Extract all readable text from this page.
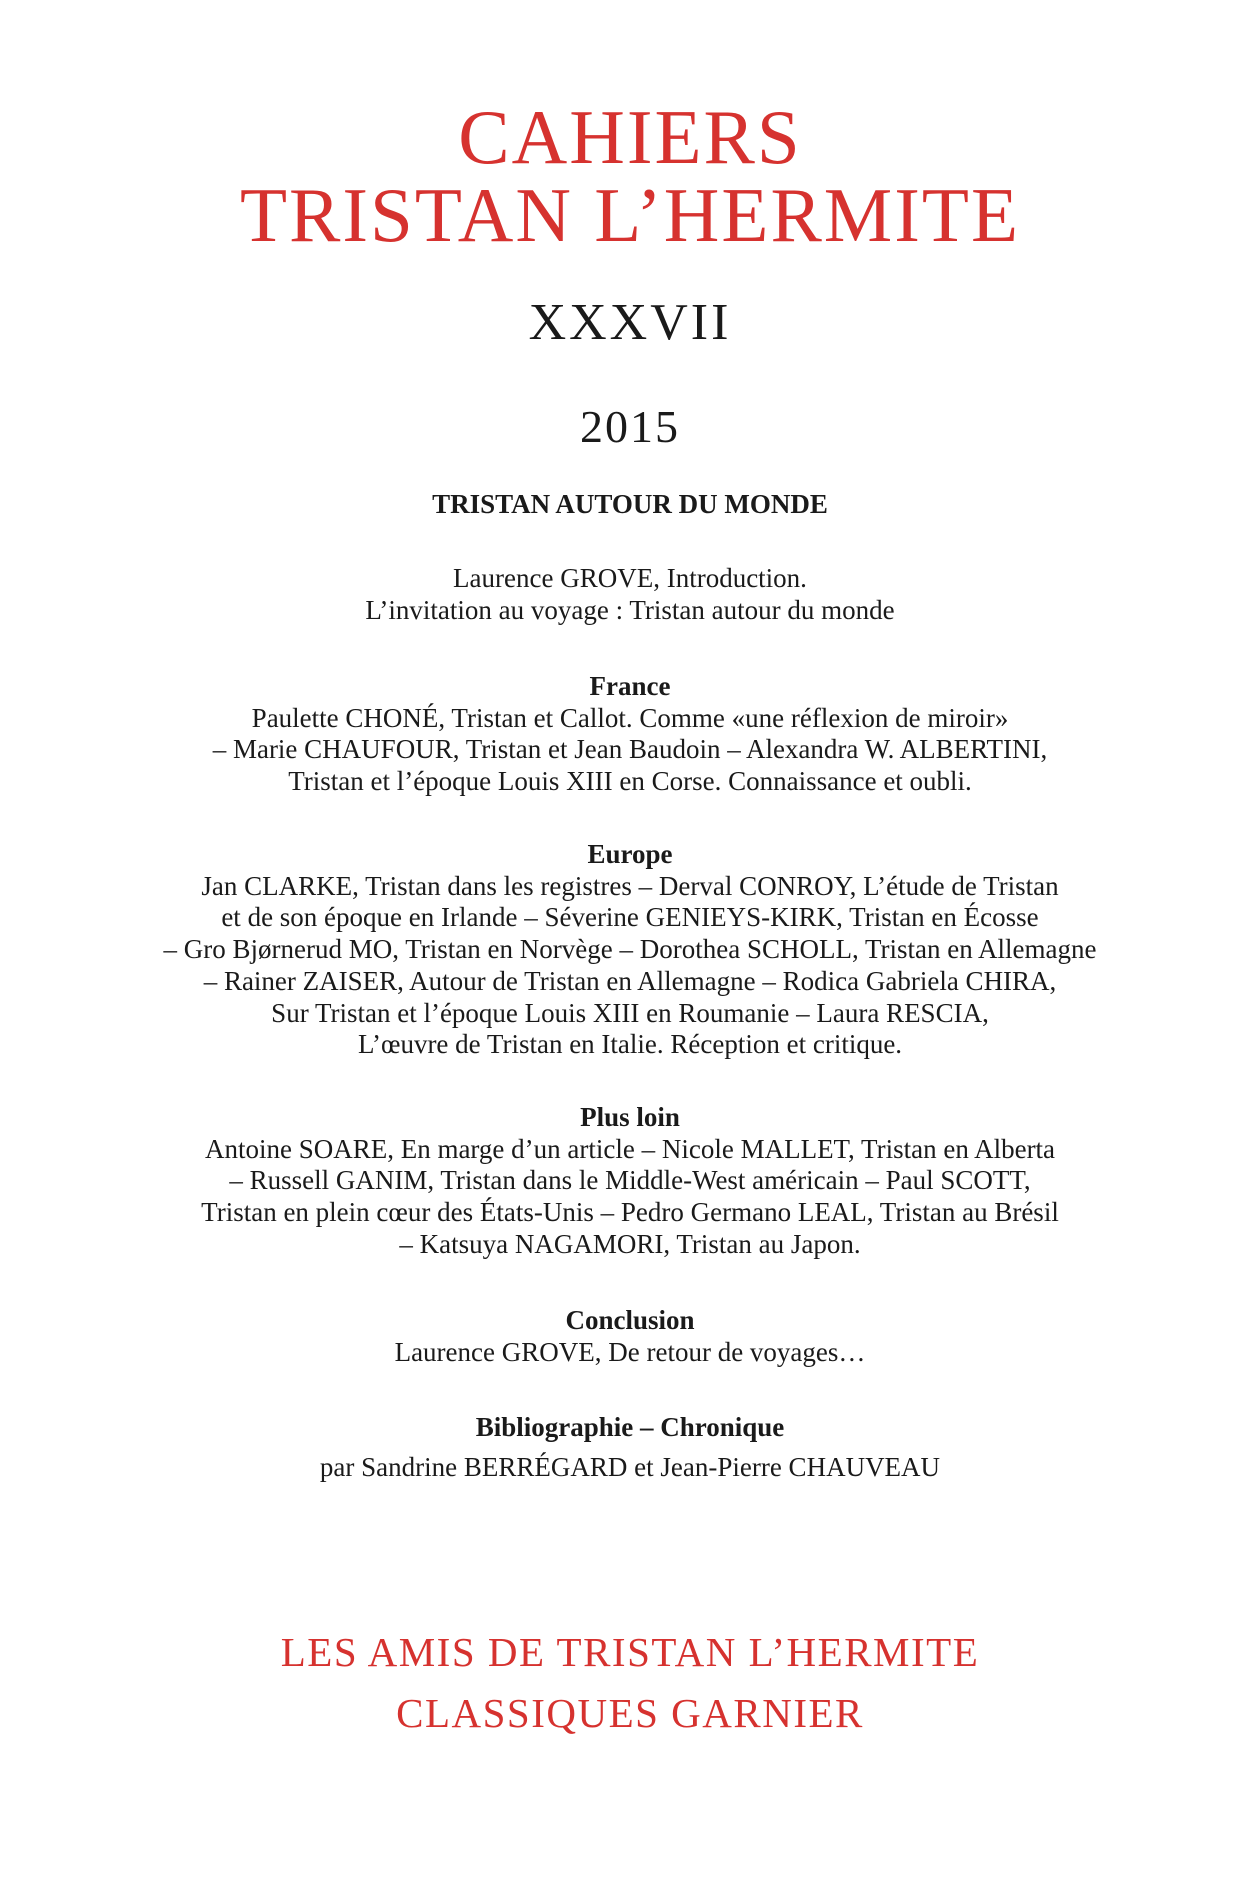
CAHIERS
TRISTAN L’HERMITE
XXXVII
2015
TRISTAN AUTOUR DU MONDE
Laurence GROVE, Introduction.
L’invitation au voyage : Tristan autour du monde
France
Paulette CHONÉ, Tristan et Callot. Comme «une réflexion de miroir»
– Marie CHAUFOUR, Tristan et Jean Baudoin – Alexandra W. ALBERTINI,
Tristan et l’époque Louis XIII en Corse. Connaissance et oubli.
Europe
Jan CLARKE, Tristan dans les registres – Derval CONROY, L’étude de Tristan
et de son époque en Irlande – Séverine GENIEYS-KIRK, Tristan en Écosse
– Gro Bjørnerud MO, Tristan en Norvège – Dorothea SCHOLL, Tristan en Allemagne
– Rainer ZAISER, Autour de Tristan en Allemagne – Rodica Gabriela CHIRA,
Sur Tristan et l’époque Louis XIII en Roumanie – Laura RESCIA,
L’œuvre de Tristan en Italie. Réception et critique.
Plus loin
Antoine SOARE, En marge d’un article – Nicole MALLET, Tristan en Alberta
– Russell GANIM, Tristan dans le Middle-West américain – Paul SCOTT,
Tristan en plein cœur des États-Unis – Pedro Germano LEAL, Tristan au Brésil
– Katsuya NAGAMORI, Tristan au Japon.
Conclusion
Laurence GROVE, De retour de voyages…
Bibliographie – Chronique
par Sandrine BERRÉGARD et Jean-Pierre CHAUVEAU
LES AMIS DE TRISTAN L’HERMITE
CLASSIQUES GARNIER
